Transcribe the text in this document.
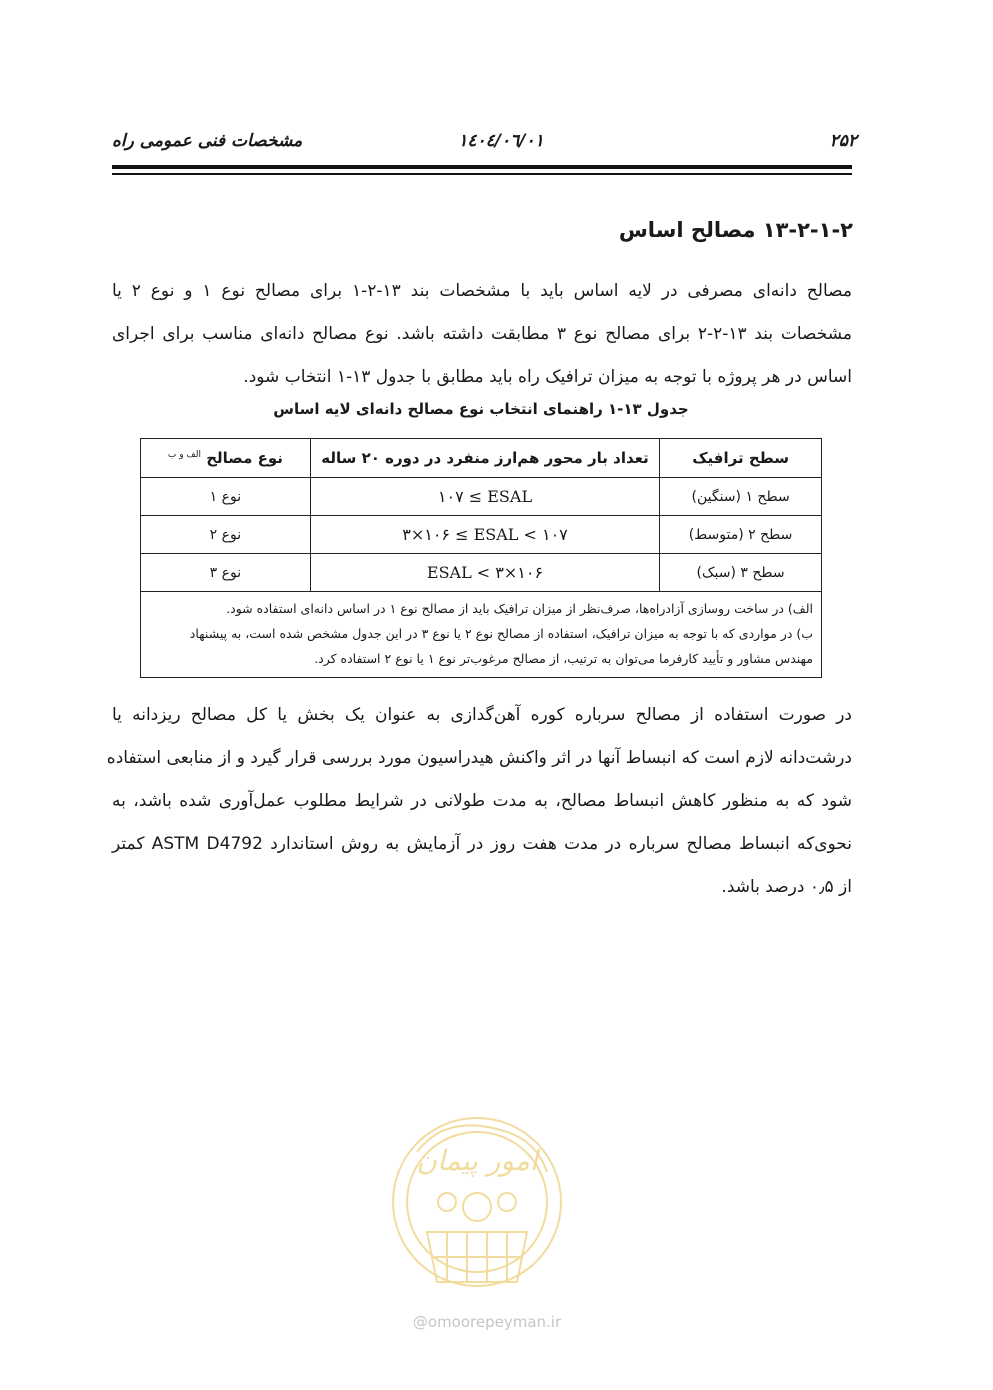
۲۵۲
۱٤۰٤/۰٦/۰۱
مشخصات فنی عمومی راه
۱۳-۲-۱-۲ مصالح اساس
مصالح دانه‌ای مصرفی در لایه اساس باید با مشخصات بند ۱۳-۲-۱ برای مصالح نوع ۱ و نوع ۲ یا
مشخصات بند ۱۳-۲-۲ برای مصالح نوع ۳ مطابقت داشته باشد. نوع مصالح دانه‌ای مناسب برای اجرای
اساس در هر پروژه با توجه به میزان ترافیک راه باید مطابق با جدول ۱۳-۱ انتخاب شود.
جدول ۱۳-۱ راهنمای انتخاب نوع مصالح دانه‌ای لایه اساس
سطح ترافیک	تعداد بار محور هم‌ارز منفرد در دوره ۲۰ ساله	نوع مصالح $^{الف و ب}$
سطح ۱ (سنگین)	۱۰۷ ≤ ESAL	نوع ۱
سطح ۲ (متوسط)	۳×۱۰۶ ≤ ESAL < ۱۰۷	نوع ۲
سطح ۳ (سبک)	ESAL < ۳×۱۰۶	نوع ۳

الف) در ساخت روسازی آزادراه‌ها، صرف‌نظر از میزان ترافیک باید از مصالح نوع ۱ در اساس دانه‌ای استفاده شود.
ب) در مواردی که با توجه به میزان ترافیک، استفاده از مصالح نوع ۲ یا نوع ۳ در این جدول مشخص شده است، به پیشنهاد
مهندس مشاور و تأیید کارفرما می‌توان به ترتیب، از مصالح مرغوب‌تر نوع ۱ یا نوع ۲ استفاده کرد.		
در صورت استفاده از مصالح سرباره کوره آهن‌گدازی به عنوان یک بخش یا کل مصالح ریزدانه یا
درشت‌دانه لازم است که انبساط آنها در اثر واکنش هیدراسیون مورد بررسی قرار گیرد و از منابعی استفاده
شود که به منظور کاهش انبساط مصالح، به مدت طولانی در شرایط مطلوب عمل‌آوری شده باشد، به
نحوی‌که انبساط مصالح سرباره در مدت هفت روز در آزمایش به روش استاندارد ASTM D4792 کمتر
از ۰٫۵ درصد باشد.
امور پیمان
@omoorepeyman.ir
